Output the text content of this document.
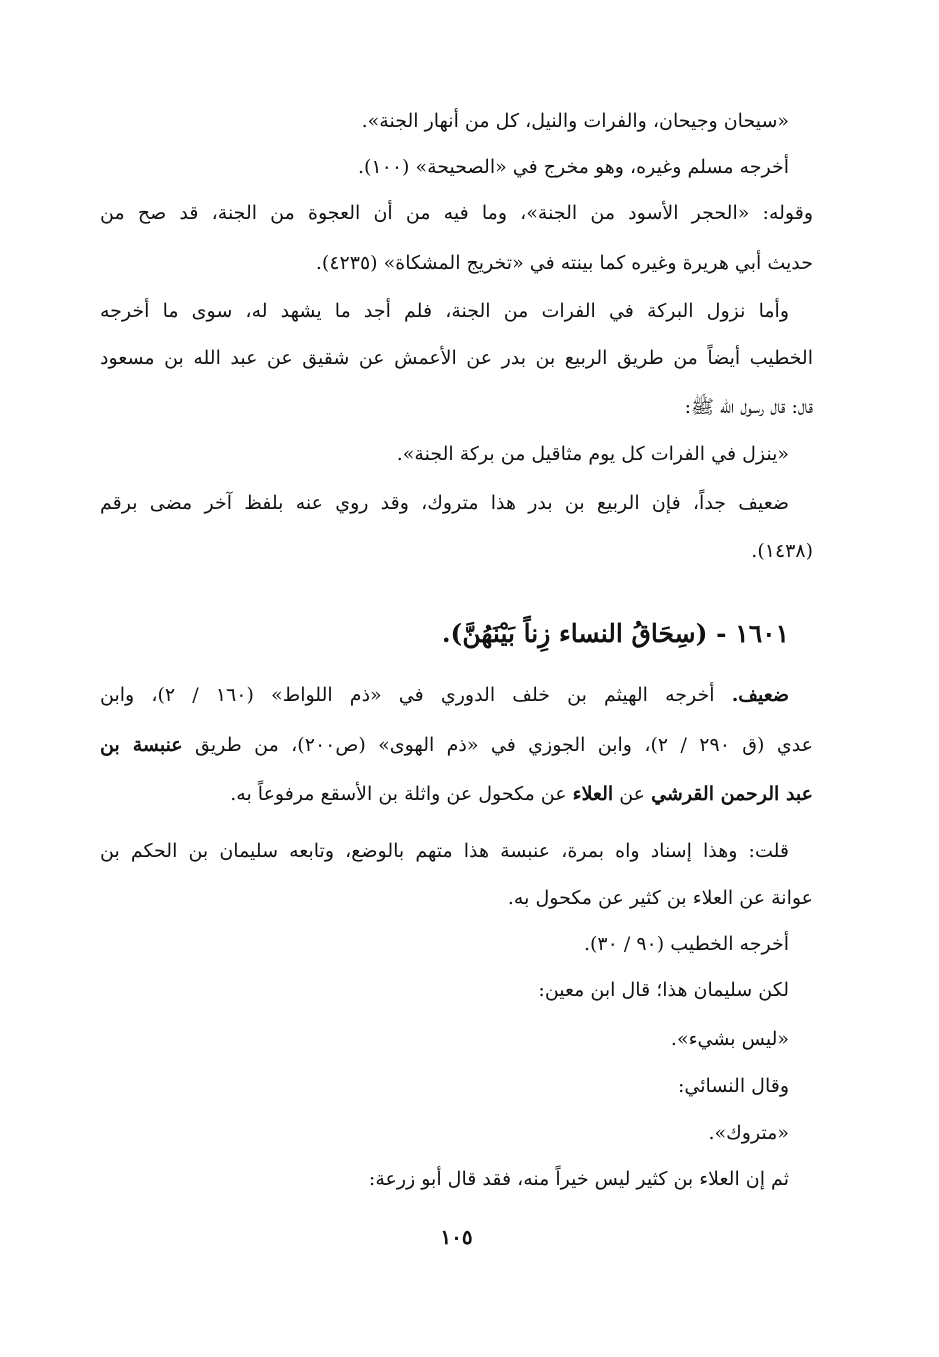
«سيحان وجيحان، والفرات والنيل، كل من أنهار الجنة».
أخرجه مسلم وغيره، وهو مخرج في «الصحيحة» (١٠٠).
وقوله: «الحجر الأسود من الجنة»، وما فيه من أن العجوة من الجنة، قد صح من
حديث أبي هريرة وغيره كما بينته في «تخريج المشكاة» (٤٢٣٥).
وأما نزول البركة في الفرات من الجنة، فلم أجد ما يشهد له، سوى ما أخرجه
الخطيب أيضاً من طريق الربيع بن بدر عن الأعمش عن شقيق عن عبد الله بن مسعود
قال: قال رسول الله ﷺ:
«ينزل في الفرات كل يوم مثاقيل من بركة الجنة».
ضعيف جداً، فإن الربيع بن بدر هذا متروك، وقد روي عنه بلفظ آخر مضى برقم
(١٤٣٨).
١٦٠١ - (سِحَاقُ النساء زِناً بَيْنَهُنَّ).
ضعيف. أخرجه الهيثم بن خلف الدوري في «ذم اللواط» (١٦٠ / ٢)، وابن
عدي (ق ٢٩٠ / ٢)، وابن الجوزي في «ذم الهوى» (ص٢٠٠)، من طريق عنبسة بن
عبد الرحمن القرشي عن العلاء عن مكحول عن واثلة بن الأسقع مرفوعاً به.
قلت: وهذا إسناد واه بمرة، عنبسة هذا متهم بالوضع، وتابعه سليمان بن الحكم بن
عوانة عن العلاء بن كثير عن مكحول به.
أخرجه الخطيب (٩٠ / ٣٠).
لكن سليمان هذا؛ قال ابن معين:
«ليس بشيء».
وقال النسائي:
«متروك».
ثم إن العلاء بن كثير ليس خيراً منه، فقد قال أبو زرعة:
١٠٥
